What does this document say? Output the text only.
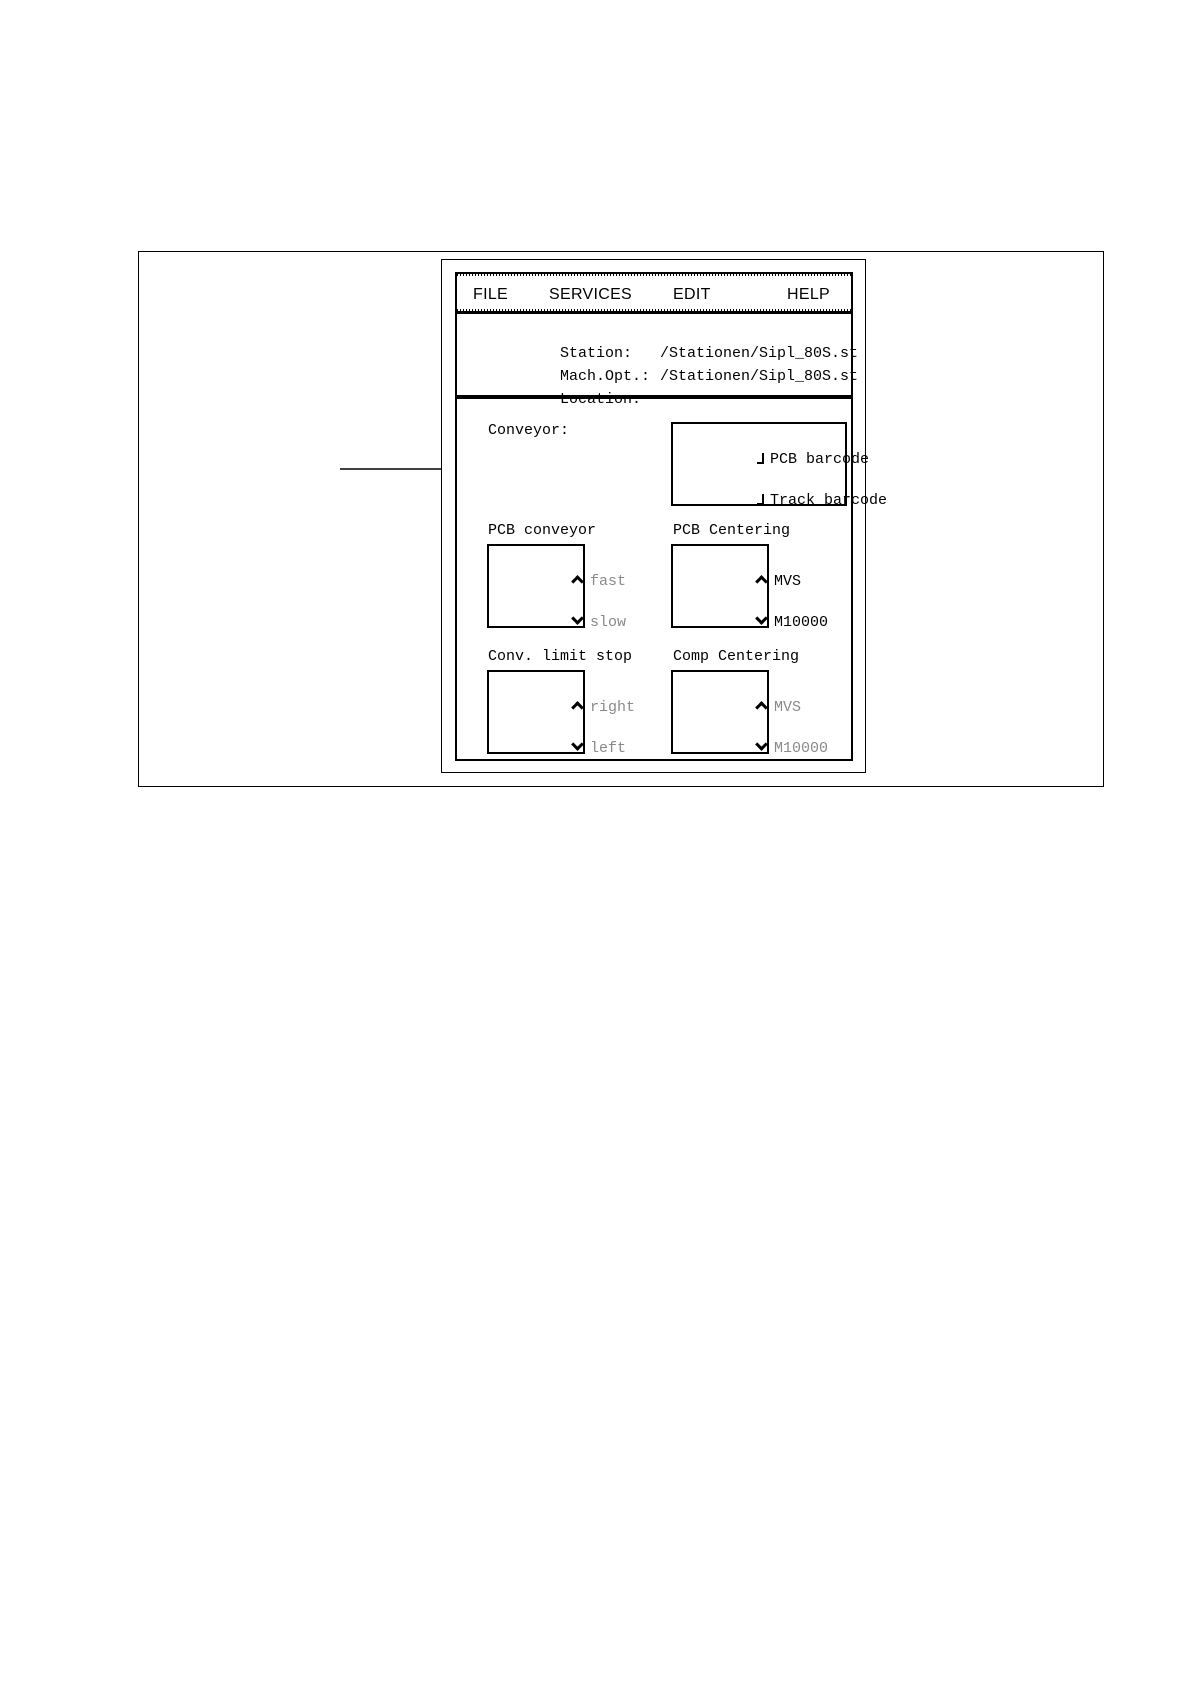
FILE	SERVICES	EDIT	HELP

Station: /Stationen/Sipl_80S.st

Mach.Opt.: /Stationen/Sipl_80S.st

Location:

Conveyor:

PCB barcode

Track barcode

PCB conveyor

fast

slow

PCB Centering

MVS

M10000

Conv. limit stop

right

left

Comp Centering

MVS

M10000
